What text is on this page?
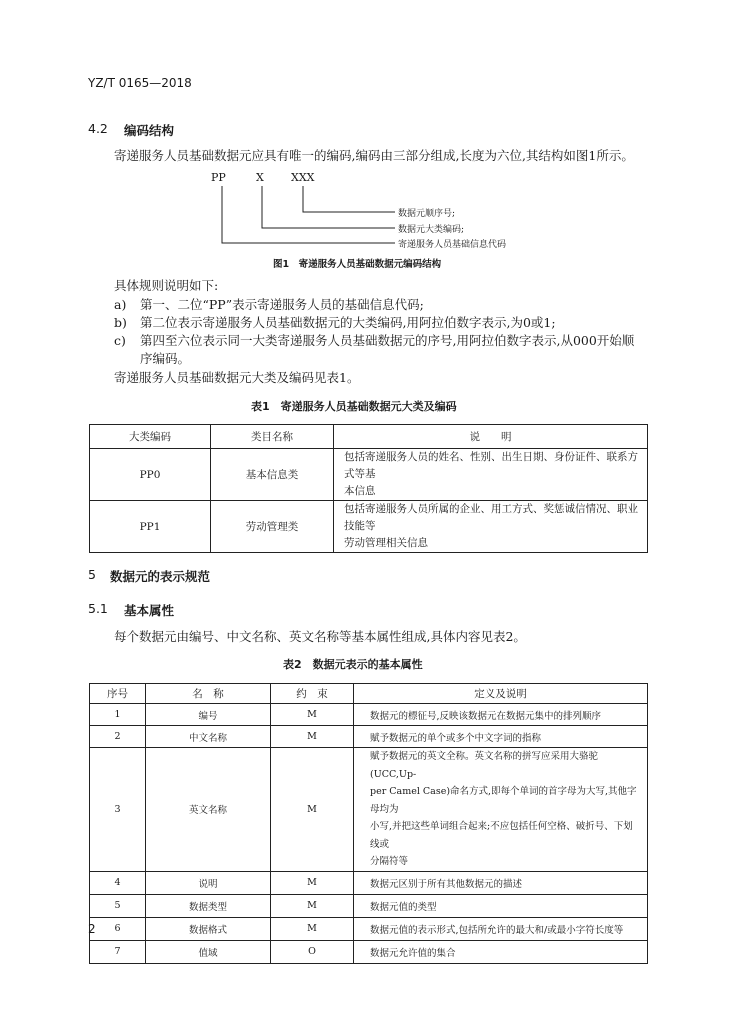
YZ/T 0165—2018
4.2 编码结构
寄递服务人员基础数据元应具有唯一的编码,编码由三部分组成,长度为六位,其结构如图1所示。
PP	X XXX
数据元顺序号;
数据元大类编码;
寄递服务人员基础信息代码
图1　寄递服务人员基础数据元编码结构
具体规则说明如下:
a) 第一、二位“PP”表示寄递服务人员的基础信息代码;
b) 第二位表示寄递服务人员基础数据元的大类编码,用阿拉伯数字表示,为0或1;
c) 第四至六位表示同一大类寄递服务人员基础数据元的序号,用阿拉伯数字表示,从000开始顺
序编码。
寄递服务人员基础数据元大类及编码见表1。
表1　寄递服务人员基础数据元大类及编码
大类编码	类目名称	说　　明
PP0	基本信息类	包括寄递服务人员的姓名、性别、出生日期、身份证件、联系方式等基
本信息

PP1	劳动管理类	包括寄递服务人员所属的企业、用工方式、奖惩诚信情况、职业技能等
劳动管理相关信息
5 数据元的表示规范
5.1 基本属性
每个数据元由编号、中文名称、英文名称等基本属性组成,具体内容见表2。
表2　数据元表示的基本属性
序号	名　称	约　束	定义及说明
1	编号	M	数据元的標征号,反映该数据元在数据元集中的排列顺序

2	中文名称	M	赋予数据元的单个或多个中文字词的指称

3	英文名称	M	赋予数据元的英文全称。英文名称的拼写应采用大骆驼(UCC,Up-
per Camel Case)命名方式,即每个单词的首字母为大写,其他字母均为
小写,并把这些单词组合起来;不应包括任何空格、破折号、下划线或
分隔符等

4	说明	M	数据元区别于所有其他数据元的描述

5	数据类型	M	数据元值的类型

6	数据格式	M	数据元值的表示形式,包括所允许的最大和/或最小字符长度等

7	值域	O	数据元允许值的集合
2
